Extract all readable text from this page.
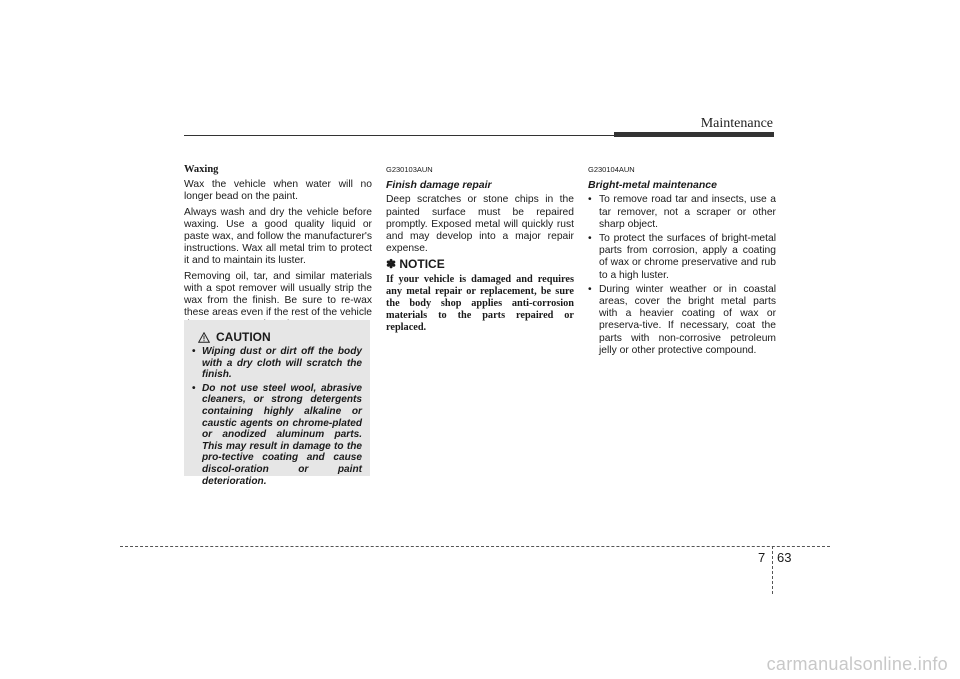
Maintenance

Waxing

Wax the vehicle when water will no longer bead on the paint.

Always wash and dry the vehicle before waxing. Use a good quality liquid or paste wax, and follow the manufacturer's instructions. Wax all metal trim to protect it and to maintain its luster.

Removing oil, tar, and similar materials with a spot remover will usually strip the wax from the finish. Be sure to re-wax these areas even if the rest of the vehicle

CAUTION
• Wiping dust or dirt off the body with a dry cloth will scratch the finish.
• Do not use steel wool, abrasive cleaners, or strong detergents containing highly alkaline or caustic agents on chrome-plated or anodized aluminum parts. This may result in damage to the pro-tective coating and cause discol-oration or paint deterioration.

G230103AUN

Finish damage repair

Deep scratches or stone chips in the painted surface must be repaired promptly. Exposed metal will quickly rust and may develop into a major repair expense.

✽ NOTICE

If your vehicle is damaged and requires any metal repair or replacement, be sure the body shop applies anti-corrosion materials to the parts repaired or replaced.

G230104AUN

Bright-metal maintenance

• To remove road tar and insects, use a tar remover, not a scraper or other sharp object.
• To protect the surfaces of bright-metal parts from corrosion, apply a coating of wax or chrome preservative and rub to a high luster.
• During winter weather or in coastal areas, cover the bright metal parts with a heavier coating of wax or preserva-tive. If necessary, coat the parts with non-corrosive petroleum jelly or other protective compound.
7 63
carmanualsonline.info
